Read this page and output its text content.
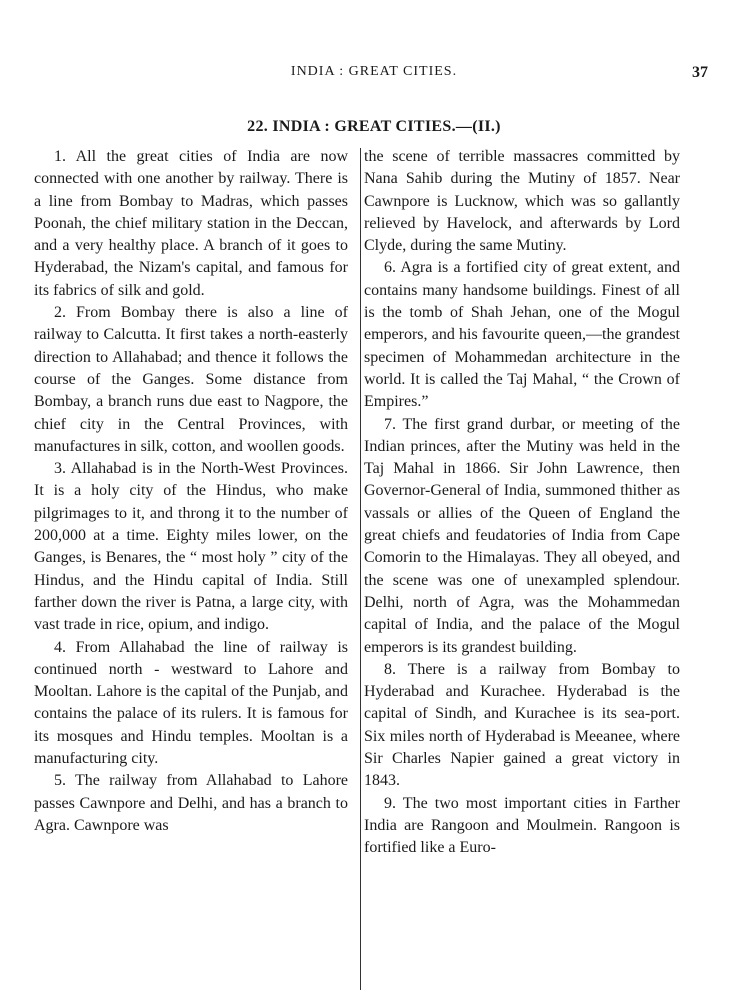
INDIA : GREAT CITIES.	37
22. INDIA : GREAT CITIES.—(II.)

1. All the great cities of India are now connected with one another by railway. There is a line from Bombay to Madras, which passes Poonah, the chief military station in the Deccan, and a very healthy place. A branch of it goes to Hyderabad, the Nizam's capital, and famous for its fabrics of silk and gold.

2. From Bombay there is also a line of railway to Calcutta. It first takes a north-easterly direction to Allahabad; and thence it follows the course of the Ganges. Some distance from Bombay, a branch runs due east to Nagpore, the chief city in the Central Provinces, with manufactures in silk, cotton, and woollen goods.

3. Allahabad is in the North-West Provinces. It is a holy city of the Hindus, who make pilgrimages to it, and throng it to the number of 200,000 at a time. Eighty miles lower, on the Ganges, is Benares, the “ most holy ” city of the Hindus, and the Hindu capital of India. Still farther down the river is Patna, a large city, with vast trade in rice, opium, and indigo.

4. From Allahabad the line of railway is continued north - westward to Lahore and Mooltan. Lahore is the capital of the Punjab, and contains the palace of its rulers. It is famous for its mosques and Hindu temples. Mooltan is a manufacturing city.

5. The railway from Allahabad to Lahore passes Cawnpore and Delhi, and has a branch to Agra. Cawnpore was

the scene of terrible massacres committed by Nana Sahib during the Mutiny of 1857. Near Cawnpore is Lucknow, which was so gallantly relieved by Havelock, and afterwards by Lord Clyde, during the same Mutiny.

6. Agra is a fortified city of great extent, and contains many handsome buildings. Finest of all is the tomb of Shah Jehan, one of the Mogul emperors, and his favourite queen,—the grandest specimen of Mohammedan architecture in the world. It is called the Taj Mahal, “ the Crown of Empires.”

7. The first grand durbar, or meeting of the Indian princes, after the Mutiny was held in the Taj Mahal in 1866. Sir John Lawrence, then Governor-General of India, summoned thither as vassals or allies of the Queen of England the great chiefs and feudatories of India from Cape Comorin to the Himalayas. They all obeyed, and the scene was one of unexampled splendour. Delhi, north of Agra, was the Mohammedan capital of India, and the palace of the Mogul emperors is its grandest building.

8. There is a railway from Bombay to Hyderabad and Kurachee. Hyderabad is the capital of Sindh, and Kurachee is its sea-port. Six miles north of Hyderabad is Meeanee, where Sir Charles Napier gained a great victory in 1843.

9. The two most important cities in Farther India are Rangoon and Moulmein. Rangoon is fortified like a Euro-
